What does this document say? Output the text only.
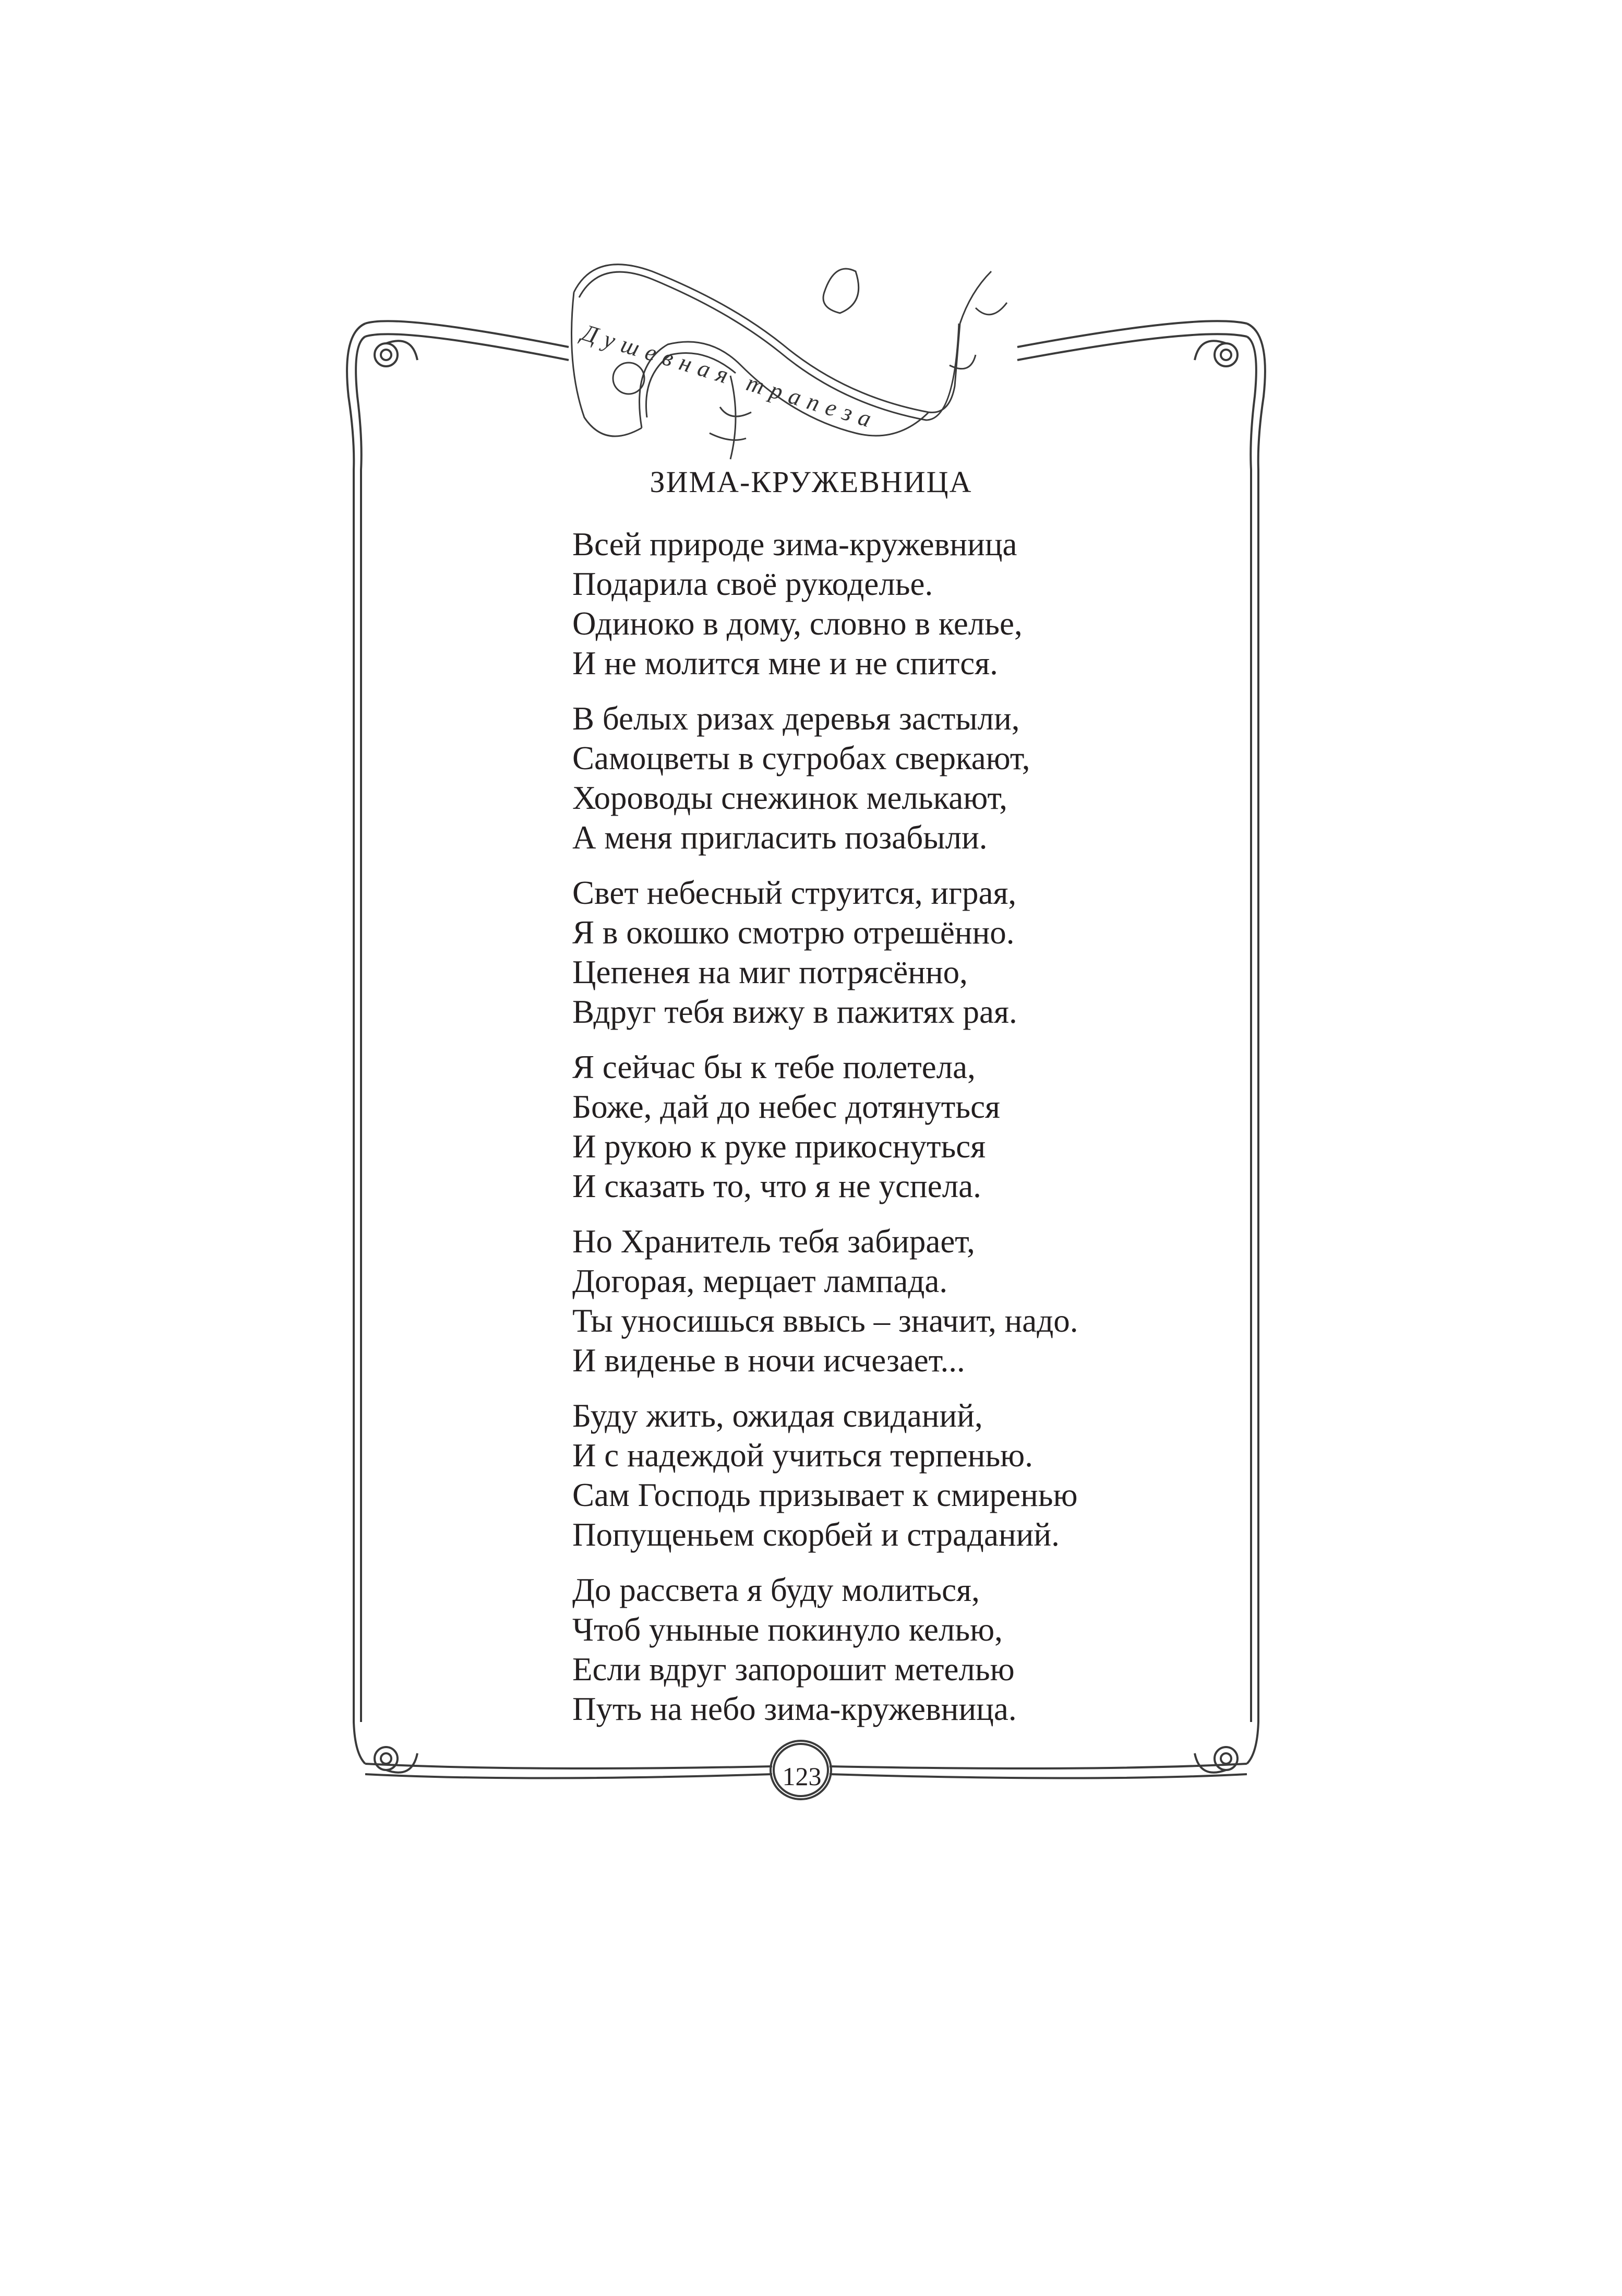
Душевная трапеза
ЗИМА-КРУЖЕВНИЦА
Всей природе зима-кружевница
Подарила своё рукоделье.
Одиноко в дому, словно в келье,
И не молится мне и не спится.
В белых ризах деревья застыли,
Самоцветы в сугробах сверкают,
Хороводы снежинок мелькают,
А меня пригласить позабыли.
Свет небесный струится, играя,
Я в окошко смотрю отрешённо.
Цепенея на миг потрясённо,
Вдруг тебя вижу в пажитях рая.
Я сейчас бы к тебе полетела,
Боже, дай до небес дотянуться
И рукою к руке прикоснуться
И сказать то, что я не успела.
Но Хранитель тебя забирает,
Догорая, мерцает лампада.
Ты уносишься ввысь – значит, надо.
И виденье в ночи исчезает...
Буду жить, ожидая свиданий,
И с надеждой учиться терпенью.
Сам Господь призывает к смиренью
Попущеньем скорбей и страданий.
До рассвета я буду молиться,
Чтоб уныные покинуло келью,
Если вдруг запорошит метелью
Путь на небо зима-кружевница.
123
